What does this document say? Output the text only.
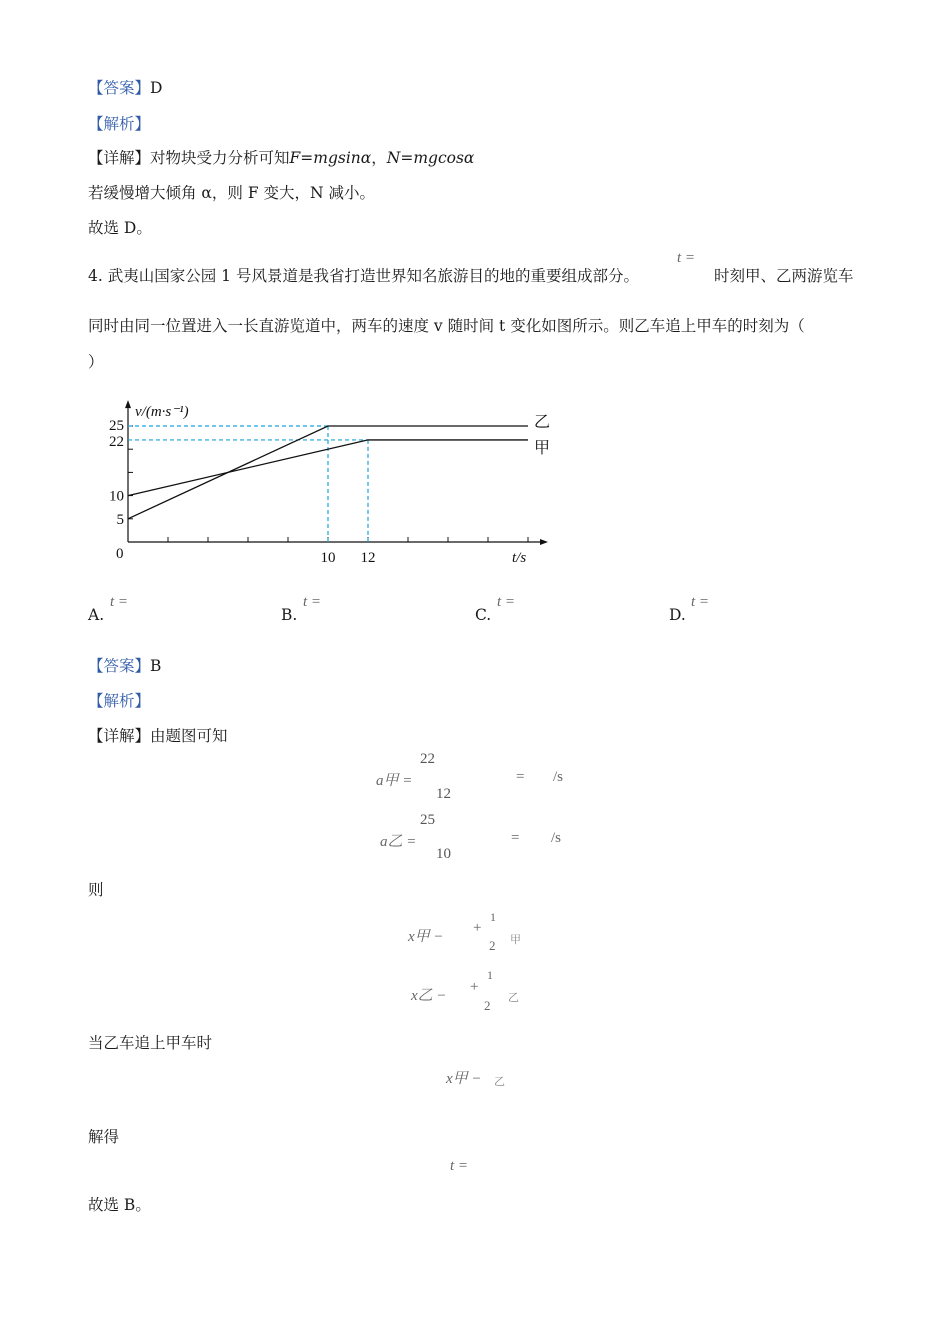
【答案】D
【解析】
【详解】对物块受力分析可知F=mgsinα，N=mgcosα
若缓慢增大倾角 α，则 F 变大，N 减小。
故选 D。
4. 武夷山国家公园 1 号风景道是我省打造世界知名旅游目的地的重要组成部分。
t =
时刻甲、乙两游览车
同时由同一位置进入一长直游览道中，两车的速度 v 随时间 t 变化如图所示。则乙车追上甲车的时刻为（
）
乙
甲
5
10
22
25
10 12
0
v/(m·s⁻¹)
t/s
A.
t =
B.
t =
C.
t =
D.
t =
【答案】B
【解析】
【详解】由题图可知
a甲 =
22
12
= /s
a乙 =
25
10
= /s
则
x甲 −
+
1
2 甲
x乙 −
+
1
2 乙
当乙车追上甲车时
x甲 − 乙
解得
t =
故选 B。
